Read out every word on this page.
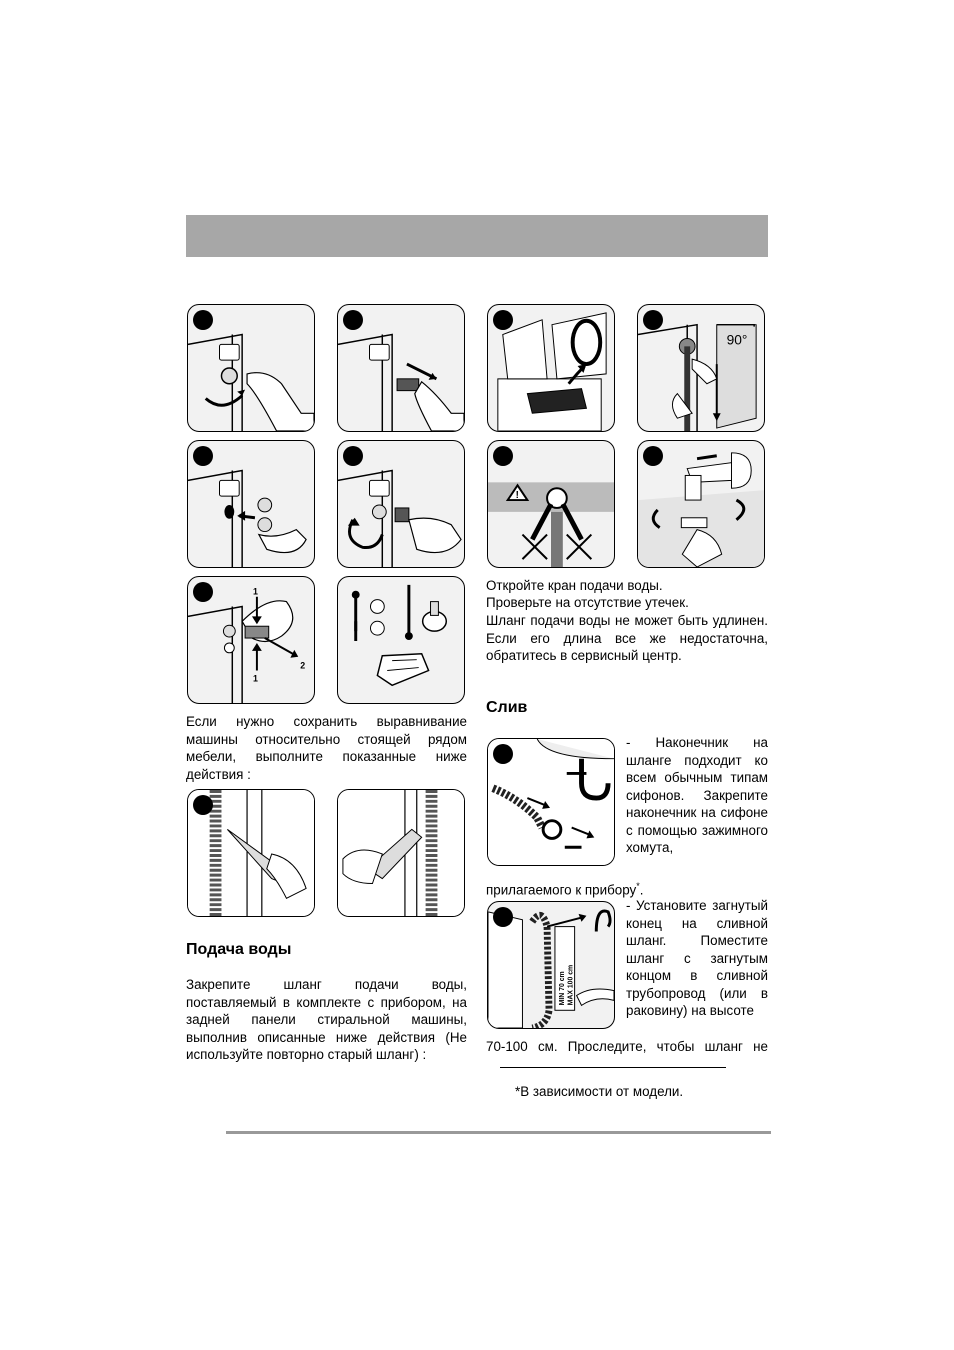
1
1
2
90°
!
MIN 70 cm MAX 100 cm

Если нужно сохранить выравнивание машины относительно стоящей рядом мебели, выполните показанные ниже действия :

Подача воды

Закрепите шланг подачи воды, поставляемый в комплекте с прибором, на задней панели стиральной машины, выполнив описанные ниже действия (Не используйте повторно старый шланг) :

Откройте кран подачи воды.

Проверьте на отсутствие утечек.

Шланг подачи воды не может быть удлинен. Если его длина все же недостаточна, обратитесь в сервисный центр.

Слив

- Наконечник на шланге подходит ко всем обычным типам сифонов. Закрепите наконечник на сифоне с помощью зажимного хомута,

прилагаемого к прибору*.

- Установите загнутый конец на сливной шланг. Поместите шланг с загнутым концом в сливной трубопровод (или в раковину) на высоте

70-100 см. Проследите, чтобы шланг не

*В зависимости от модели.
